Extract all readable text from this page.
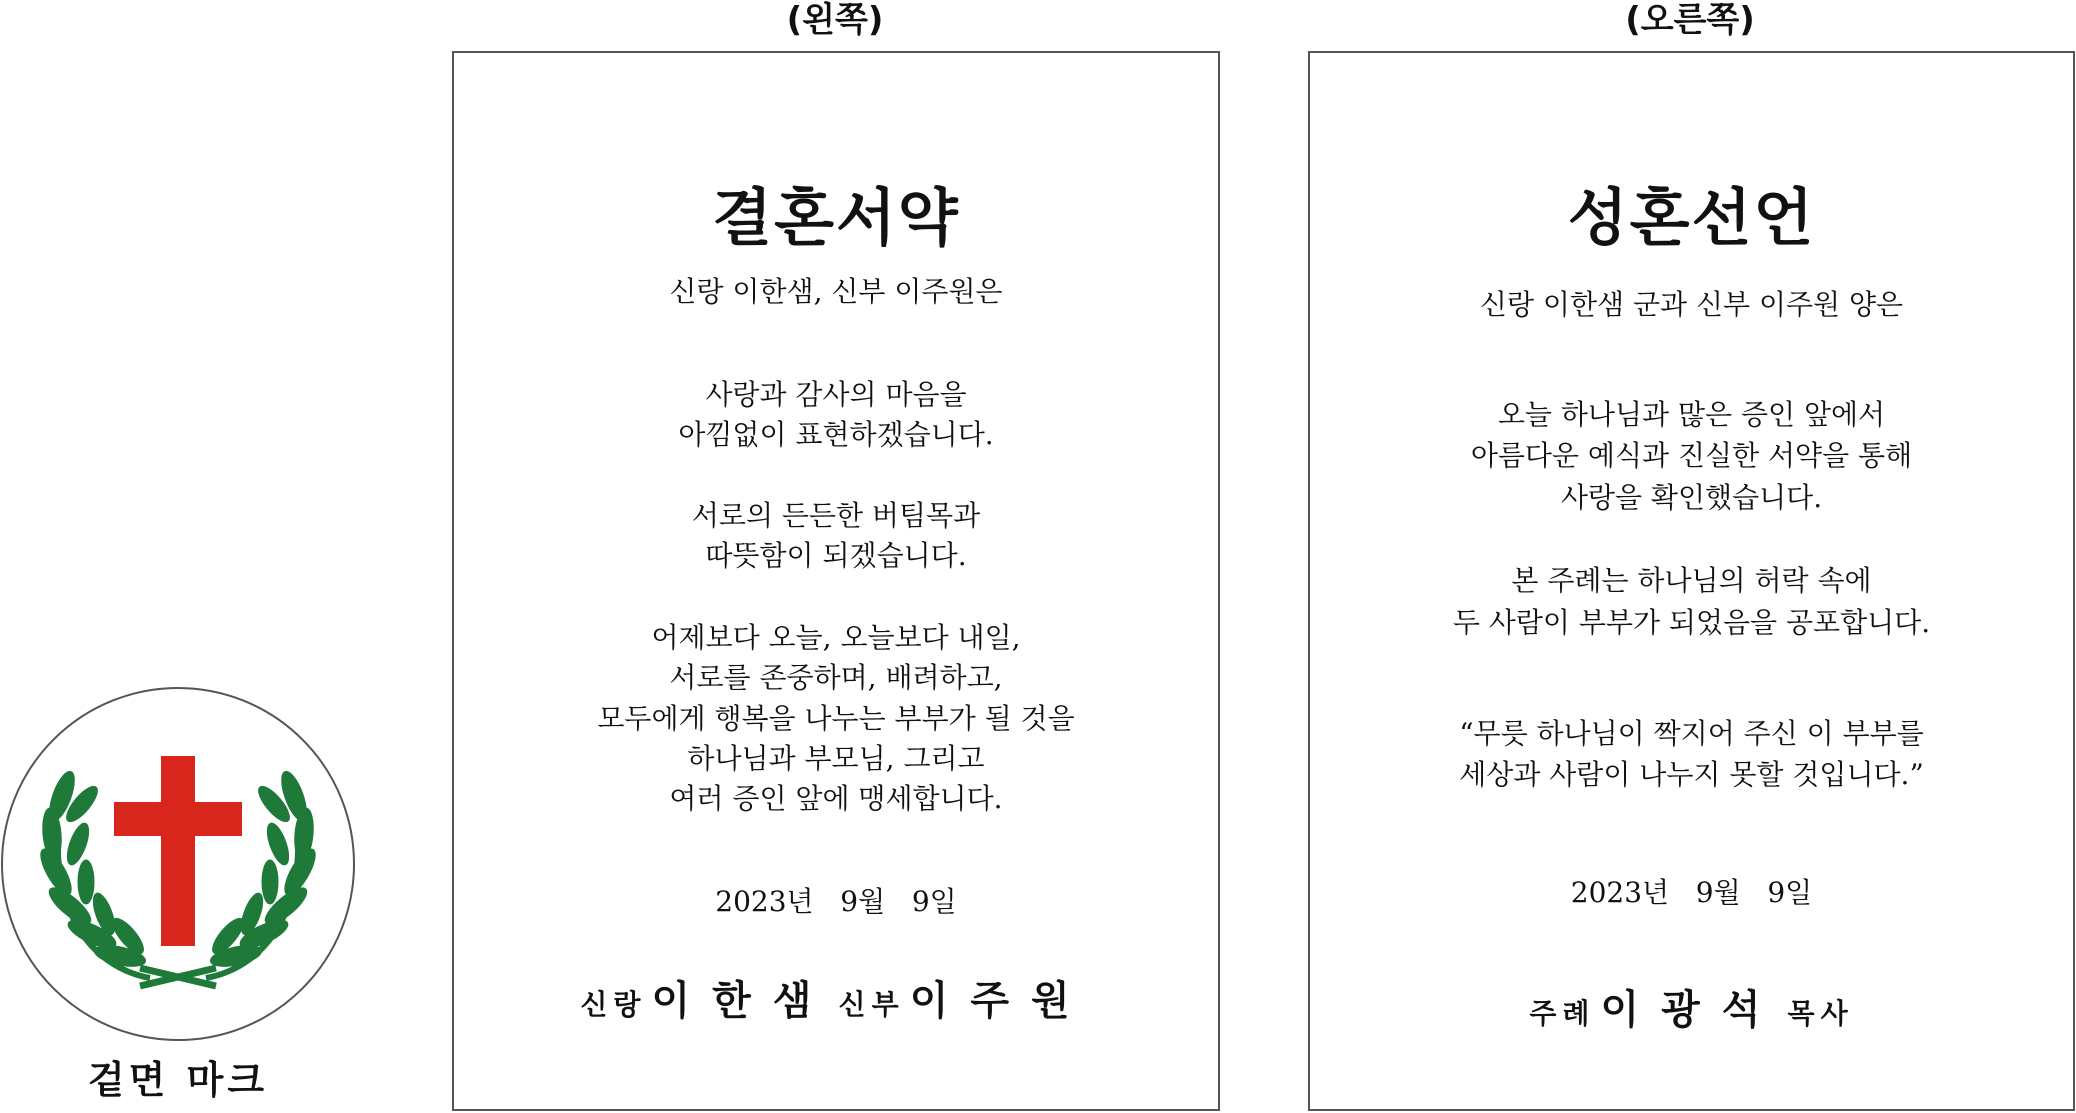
겉면 마크
(왼쪽)
결혼서약
신랑 이한샘, 신부 이주원은
사랑과 감사의 마음을
아낌없이 표현하겠습니다.
서로의 든든한 버팀목과
따뜻함이 되겠습니다.
어제보다 오늘, 오늘보다 내일,
서로를 존중하며, 배려하고,
모두에게 행복을 나누는 부부가 될 것을
하나님과 부모님, 그리고
여러 증인 앞에 맹세합니다.
2023년   9월   9일
신랑 이한샘 신부 이주원
(오른쪽)
성혼선언
신랑 이한샘 군과 신부 이주원 양은
오늘 하나님과 많은 증인 앞에서
아름다운 예식과 진실한 서약을 통해
사랑을 확인했습니다.
본 주례는 하나님의 허락 속에
두 사람이 부부가 되었음을 공포합니다.
“무릇 하나님이 짝지어 주신 이 부부를
세상과 사람이 나누지 못할 것입니다.”
2023년   9월   9일
주례 이광석 목사
